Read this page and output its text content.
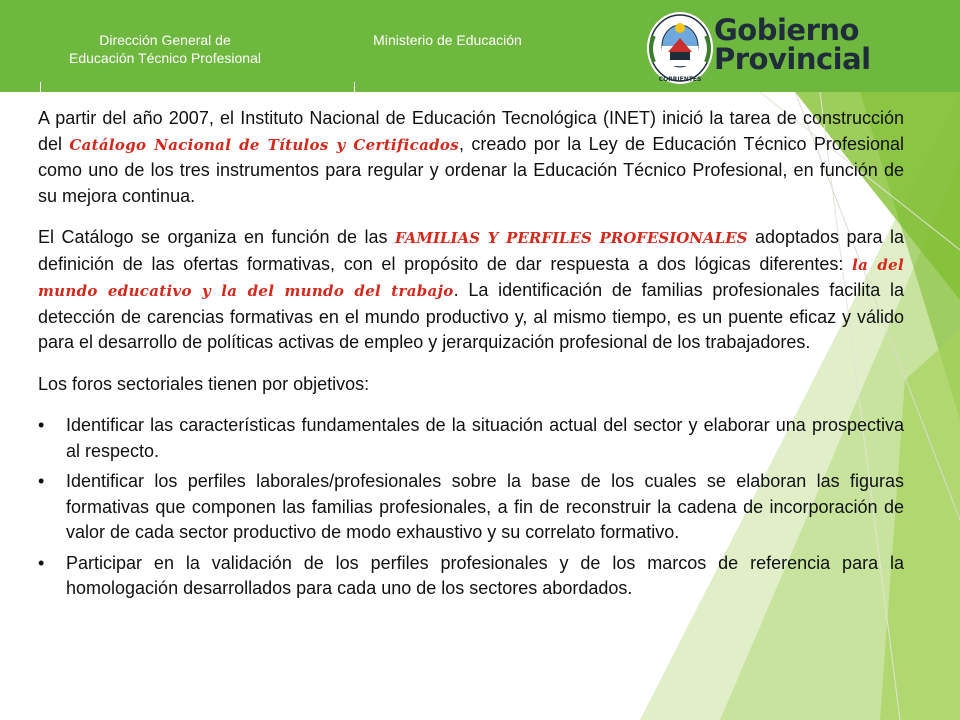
Dirección General de
Educación Técnico Profesional
Ministerio de Educación
CORRIENTES
Gobierno
Provincial

A partir del año 2007, el Instituto Nacional de Educación Tecnológica (INET) inició la tarea de construcción del Catálogo Nacional de Títulos y Certificados, creado por la Ley de Educación Técnico Profesional como uno de los tres instrumentos para regular y ordenar la Educación Técnico Profesional, en función de su mejora continua.

El Catálogo se organiza en función de las FAMILIAS Y PERFILES PROFESIONALES adoptados para la definición de las ofertas formativas, con el propósito de dar respuesta a dos lógicas diferentes: la del mundo educativo y la del mundo del trabajo. La identificación de familias profesionales facilita la detección de carencias formativas en el mundo productivo y, al mismo tiempo, es un puente eficaz y válido para el desarrollo de políticas activas de empleo y jerarquización profesional de los trabajadores.

Los foros sectoriales tienen por objetivos:

• Identificar las características fundamentales de la situación actual del sector y elaborar una prospectiva al respecto.
• Identificar los perfiles laborales/profesionales sobre la base de los cuales se elaboran las figuras formativas que componen las familias profesionales, a fin de reconstruir la cadena de incorporación de valor de cada sector productivo de modo exhaustivo y su correlato formativo.
• Participar en la validación de los perfiles profesionales y de los marcos de referencia para la homologación desarrollados para cada uno de los sectores abordados.
